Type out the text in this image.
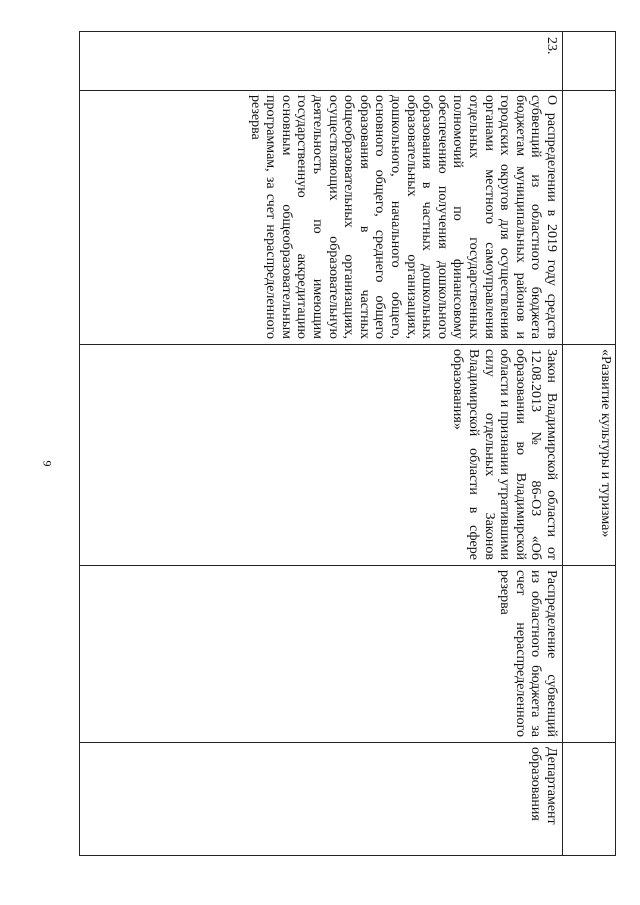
9	«Развитие культуры и туризма»
23.
О распределении в 2019 году средств субвенций из областного бюджета бюджетам муниципальных районов и городских округов для осуществления органами местного самоуправления отдельных государственных полномочий по финансовому обеспечению получения дошкольного образования в частных дошкольных образовательных организациях, дошкольного, начального общего, основного общего, среднего общего образования в частных общеобразовательных организациях, осуществляющих образовательную деятельность по имеющим государственную аккредитацию основным общеобразовательным программам, за счет нераспределенного резерва
Закон Владимирской области от 12.08.2013 № 86-ОЗ «Об образовании во Владимирской области и признании утратившими силу отдельных Законов Владимирской области в сфере образования»
Распределение субвенций из областного бюджета за счет нераспределенного резерва
Департамент образования
